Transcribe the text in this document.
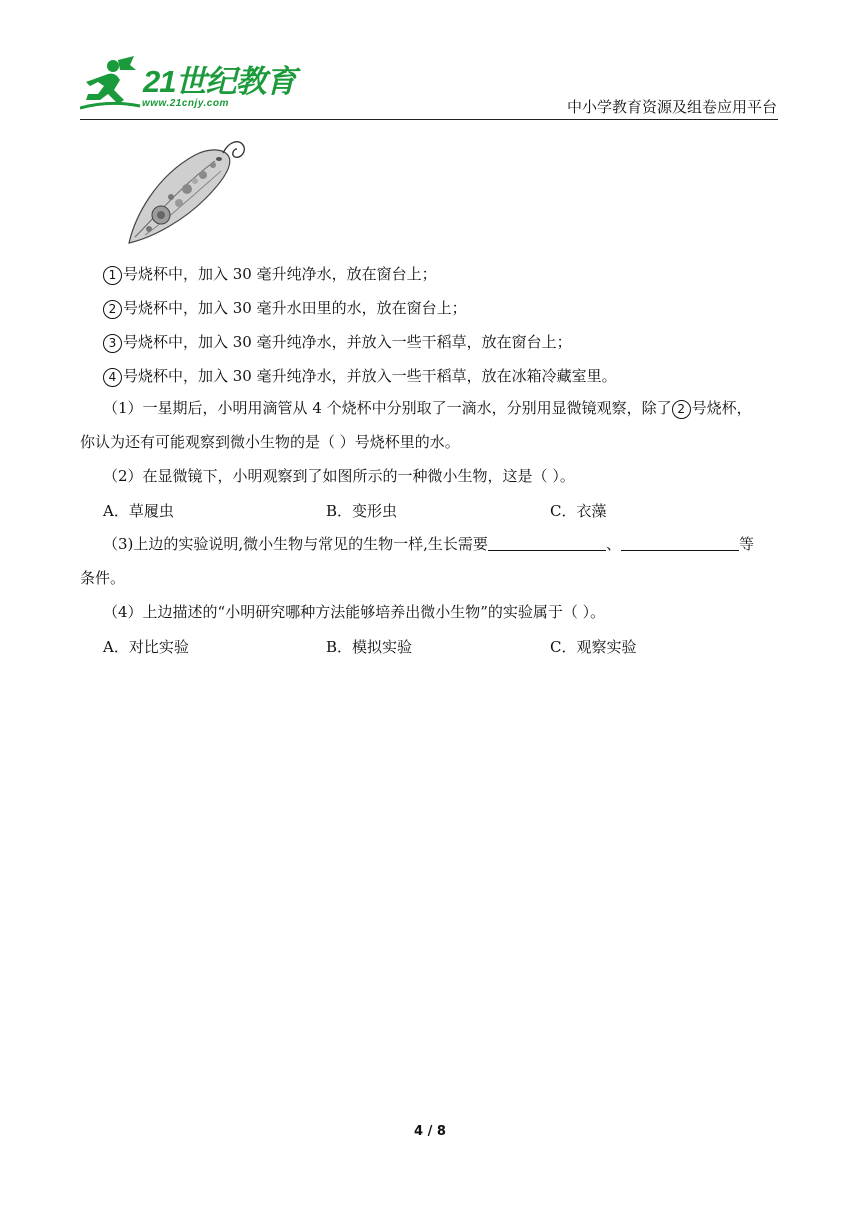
21世纪教育
www.21cnjy.com	中小学教育资源及组卷应用平台
1 号烧杯中，加入 30 毫升纯净水，放在窗台上；
2 号烧杯中，加入 30 毫升水田里的水，放在窗台上；
3 号烧杯中，加入 30 毫升纯净水，并放入一些干稻草，放在窗台上；
4 号烧杯中，加入 30 毫升纯净水，并放入一些干稻草，放在冰箱冷藏室里。
（1）一星期后，小明用滴管从 4 个烧杯中分别取了一滴水，分别用显微镜观察，除了 2 号烧杯，
你认为还有可能观察到微小生物的是（ ）号烧杯里的水。
（2）在显微镜下，小明观察到了如图所示的一种微小生物，这是（ ）。
A．草履虫	B．变形虫	C．衣藻
（3)上边的实验说明,微小生物与常见的生物一样,生长需要	、	等
条件。
（4）上边描述的“小明研究哪种方法能够培养出微小生物”的实验属于（ ）。
A．对比实验	B．模拟实验	C．观察实验
4 / 8
